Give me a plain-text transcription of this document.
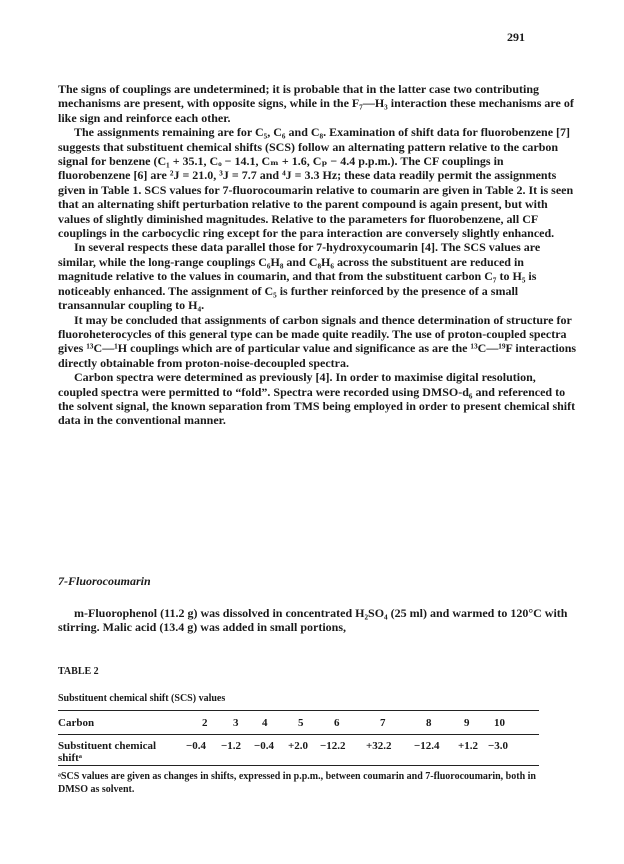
291

The signs of couplings are undetermined; it is probable that in the latter case two contributing mechanisms are present, with opposite signs, while in the F₇—H₃ interaction these mechanisms are of like sign and reinforce each other.

The assignments remaining are for C₅, C₆ and C₈. Examination of shift data for fluorobenzene [7] suggests that substituent chemical shifts (SCS) follow an alternating pattern relative to the carbon signal for benzene (C₁ + 35.1, Cₒ − 14.1, Cₘ + 1.6, Cₚ − 4.4 p.p.m.). The CF couplings in fluorobenzene [6] are ²J = 21.0, ³J = 7.7 and ⁴J = 3.3 Hz; these data readily permit the assignments given in Table 1. SCS values for 7-fluorocoumarin relative to coumarin are given in Table 2. It is seen that an alternating shift perturbation relative to the parent compound is again present, but with values of slightly diminished magnitudes. Relative to the parameters for fluorobenzene, all CF couplings in the carbocyclic ring except for the para interaction are conversely slightly enhanced.

In several respects these data parallel those for 7-hydroxycoumarin [4]. The SCS values are similar, while the long-range couplings C₆H₈ and C₈H₆ across the substituent are reduced in magnitude relative to the values in coumarin, and that from the substituent carbon C₇ to H₅ is noticeably enhanced. The assignment of C₅ is further reinforced by the presence of a small transannular coupling to H₄.

It may be concluded that assignments of carbon signals and thence determination of structure for fluoroheterocycles of this general type can be made quite readily. The use of proton-coupled spectra gives ¹³C—¹H couplings which are of particular value and significance as are the ¹³C—¹⁹F interactions directly obtainable from proton-noise-decoupled spectra.

Carbon spectra were determined as previously [4]. In order to maximise digital resolution, coupled spectra were permitted to “fold”. Spectra were recorded using DMSO-d₆ and referenced to the solvent signal, the known separation from TMS being employed in order to present chemical shift data in the conventional manner.

7-Fluorocoumarin

m-Fluorophenol (11.2 g) was dissolved in concentrated H₂SO₄ (25 ml) and warmed to 120°C with stirring. Malic acid (13.4 g) was added in small portions,

TABLE 2
Substituent chemical shift (SCS) values
Carbon	2 3 4	5	6	7	8	9 10
Substituent chemical
shiftᵃ
−0.4 −1.2 −0.4 +2.0 −12.2 +32.2 −12.4 +1.2 −3.0
ᵃSCS values are given as changes in shifts, expressed in p.p.m., between coumarin and 7-fluorocoumarin, both in DMSO as solvent.
